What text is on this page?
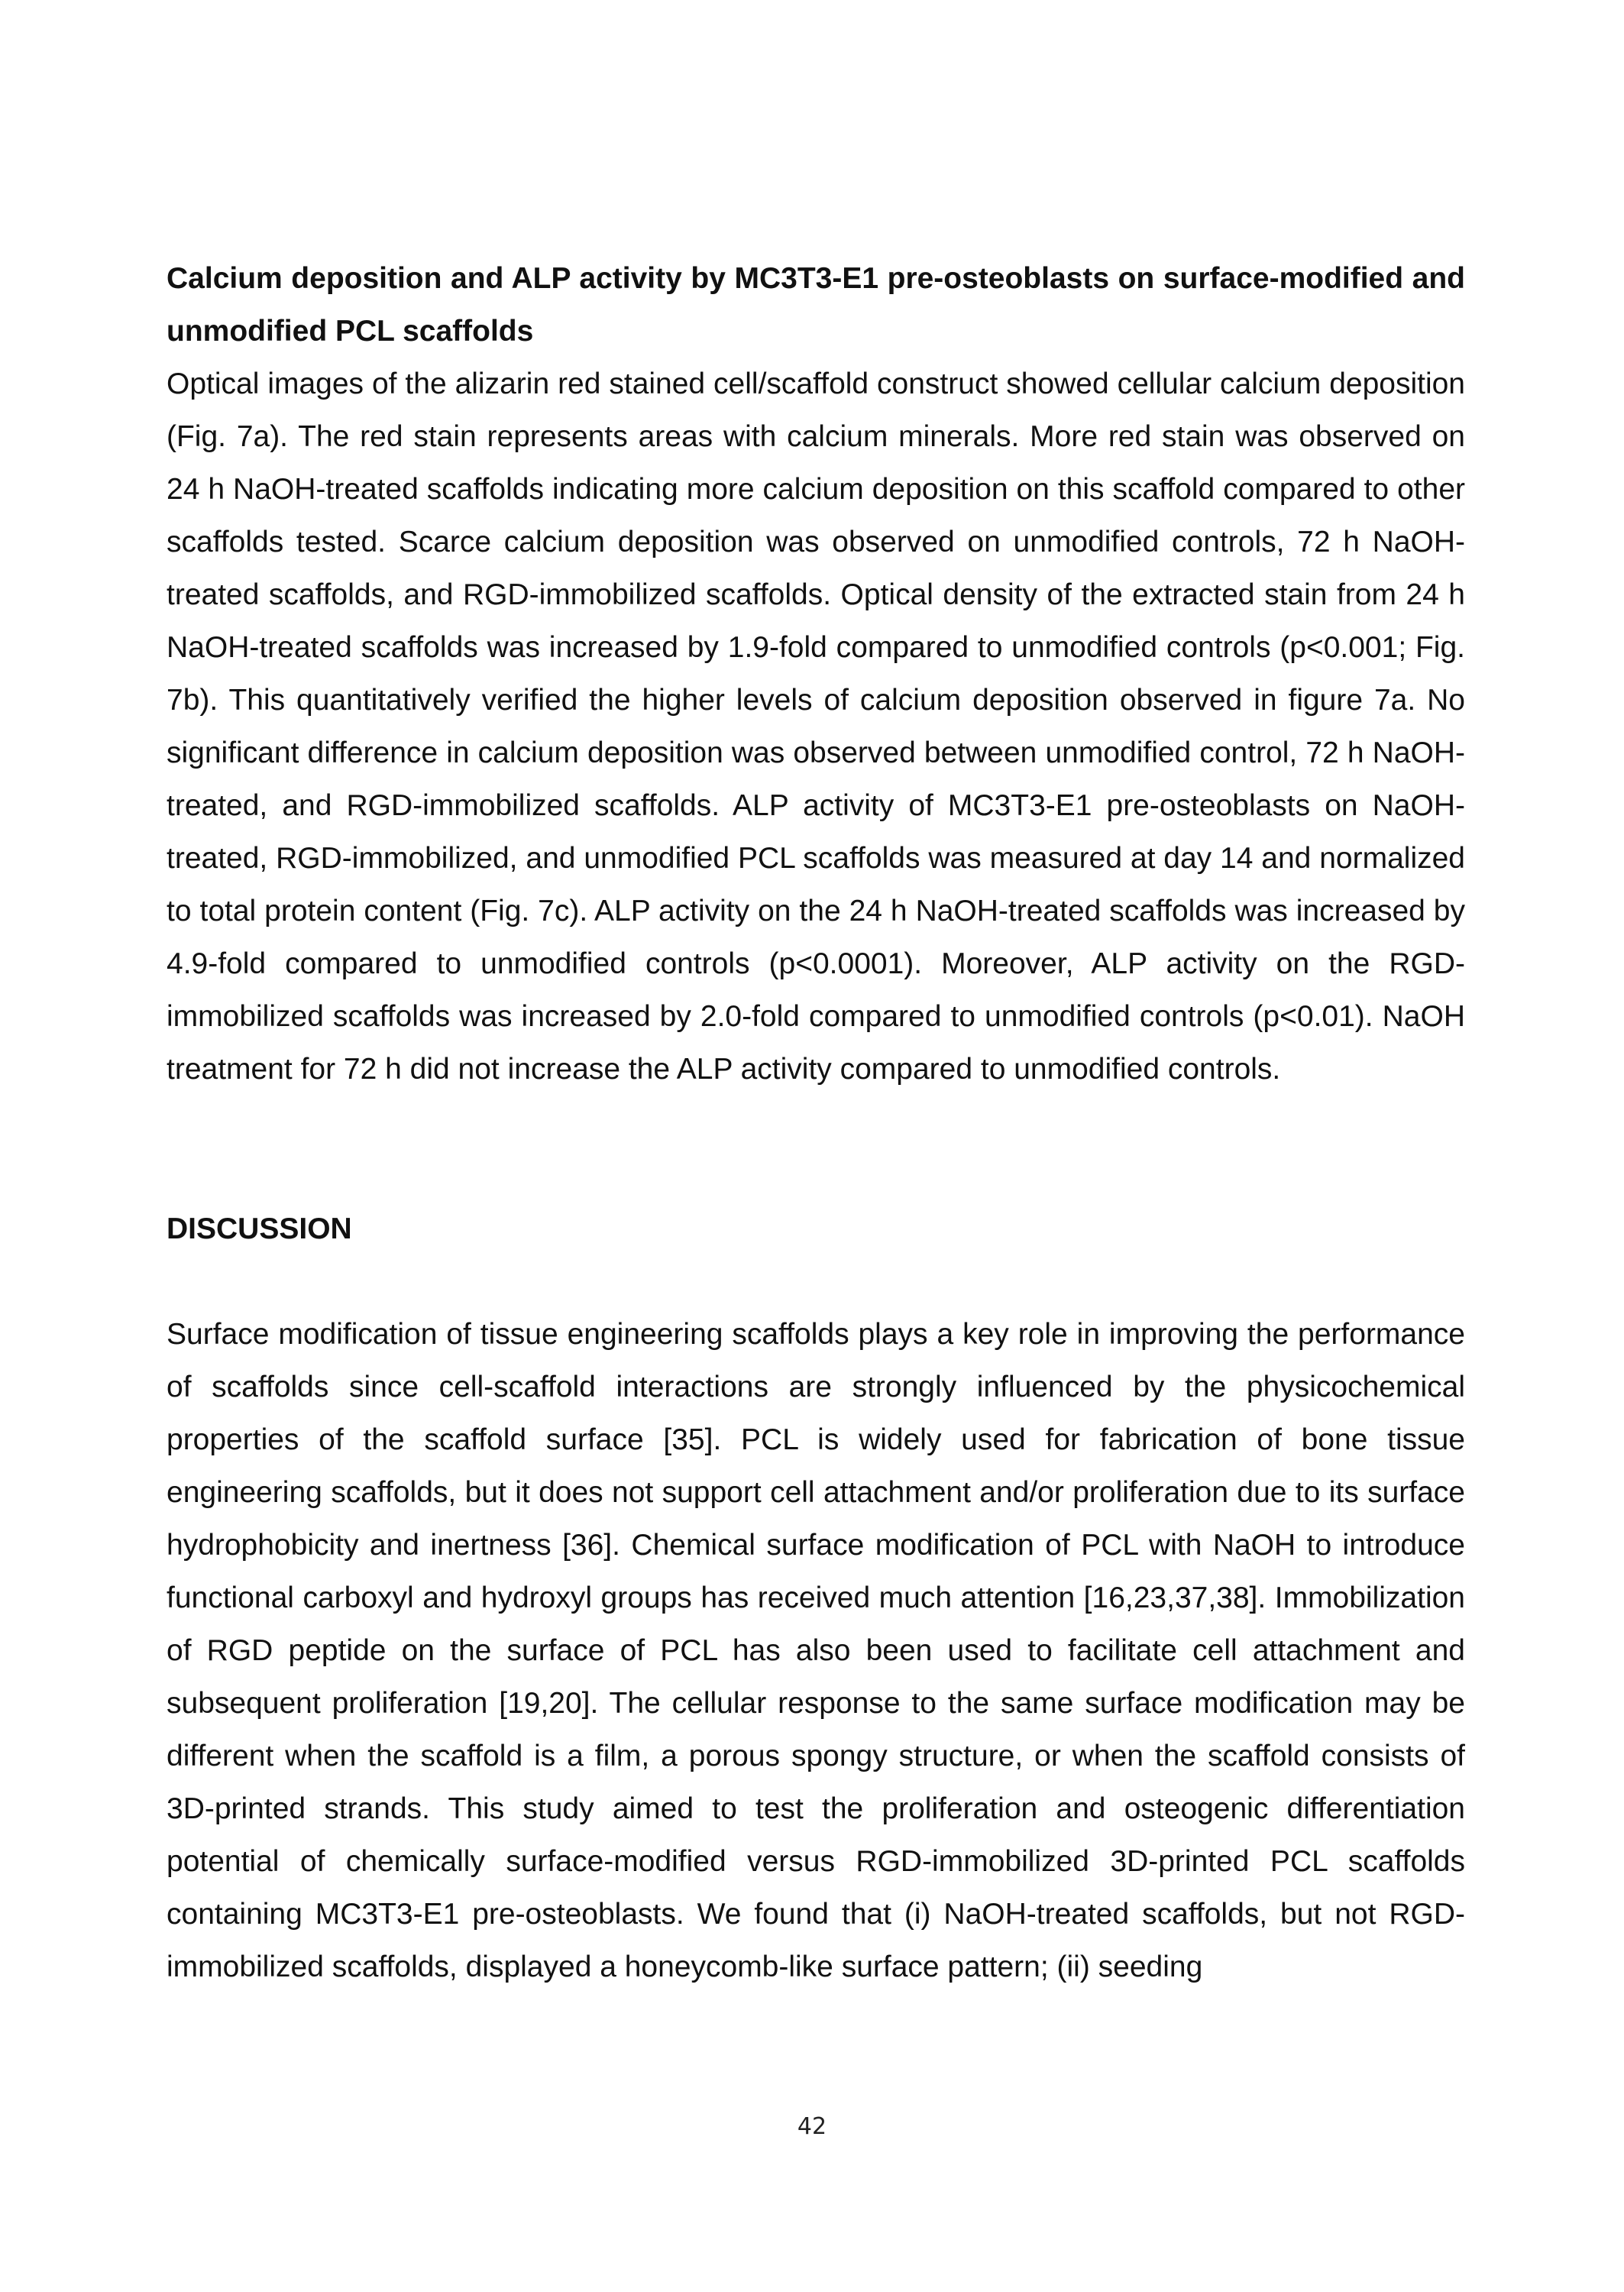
Calcium deposition and ALP activity by MC3T3-E1 pre-osteoblasts on surface-modified and unmodified PCL scaffolds

Optical images of the alizarin red stained cell/scaffold construct showed cellular calcium deposition (Fig. 7a). The red stain represents areas with calcium minerals. More red stain was observed on 24 h NaOH-treated scaffolds indicating more calcium deposition on this scaffold compared to other scaffolds tested. Scarce calcium deposition was observed on unmodified controls, 72 h NaOH-treated scaffolds, and RGD-immobilized scaffolds. Optical density of the extracted stain from 24 h NaOH-treated scaffolds was increased by 1.9-fold compared to unmodified controls (p<0.001; Fig. 7b). This quantitatively verified the higher levels of calcium deposition observed in figure 7a. No significant difference in calcium deposition was observed between unmodified control, 72 h NaOH-treated, and RGD-immobilized scaffolds. ALP activity of MC3T3-E1 pre-osteoblasts on NaOH-treated, RGD-immobilized, and unmodified PCL scaffolds was measured at day 14 and normalized to total protein content (Fig. 7c). ALP activity on the 24 h NaOH-treated scaffolds was increased by 4.9-fold compared to unmodified controls (p<0.0001). Moreover, ALP activity on the RGD-immobilized scaffolds was increased by 2.0-fold compared to unmodified controls (p<0.01). NaOH treatment for 72 h did not increase the ALP activity compared to unmodified controls.

DISCUSSION

Surface modification of tissue engineering scaffolds plays a key role in improving the performance of scaffolds since cell-scaffold interactions are strongly influenced by the physicochemical properties of the scaffold surface [35]. PCL is widely used for fabrication of bone tissue engineering scaffolds, but it does not support cell attachment and/or proliferation due to its surface hydrophobicity and inertness [36]. Chemical surface modification of PCL with NaOH to introduce functional carboxyl and hydroxyl groups has received much attention [16,23,37,38]. Immobilization of RGD peptide on the surface of PCL has also been used to facilitate cell attachment and subsequent proliferation [19,20]. The cellular response to the same surface modification may be different when the scaffold is a film, a porous spongy structure, or when the scaffold consists of 3D-printed strands. This study aimed to test the proliferation and osteogenic differentiation potential of chemically surface-modified versus RGD-immobilized 3D-printed PCL scaffolds containing MC3T3-E1 pre-osteoblasts. We found that (i) NaOH-treated scaffolds, but not RGD-immobilized scaffolds, displayed a honeycomb-like surface pattern; (ii) seeding

42
